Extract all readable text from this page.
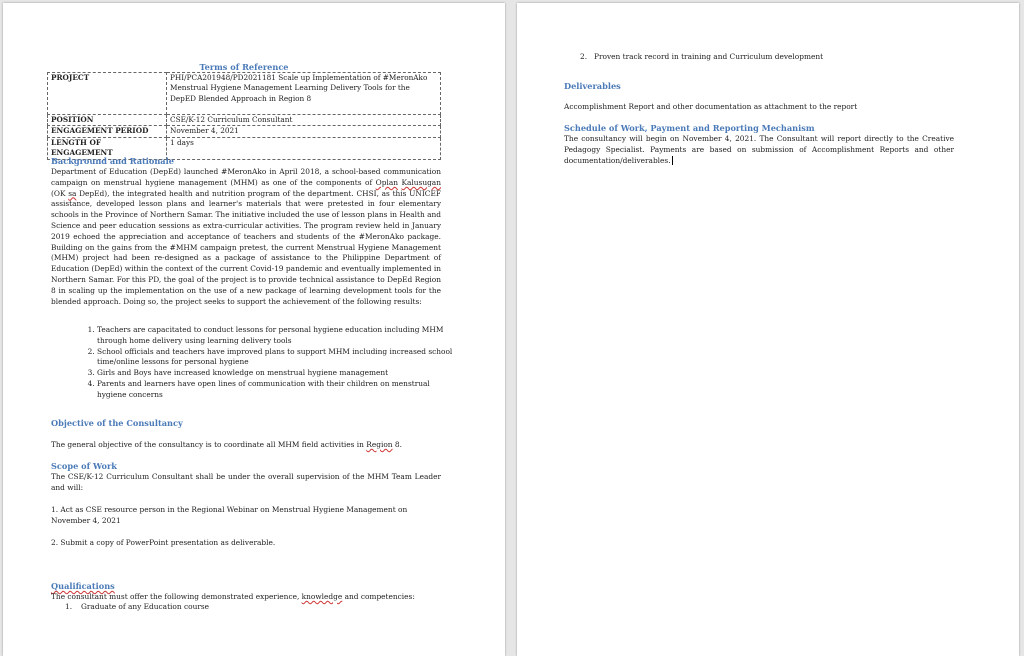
Terms of Reference
PROJECT	PHI/PCA201948/PD2021181 Scale up Implementation of #MeronAko Menstrual Hygiene Management Learning Delivery Tools for the DepED Blended Approach in Region 8
POSITION	CSE/K-12 Curriculum Consultant
ENGAGEMENT PERIOD	November 4, 2021
LENGTH OF ENGAGEMENT	1 days
Background and Rationale
Department of Education (DepEd) launched #MeronAko in April 2018, a school-based communication campaign on menstrual hygiene management (MHM) as one of the components of Oplan Kalusugan (OK sa DepEd), the integrated health and nutrition program of the department. CHSI, as this UNICEF assistance, developed lesson plans and learner's materials that were pretested in four elementary schools in the Province of Northern Samar. The initiative included the use of lesson plans in Health and Science and peer education sessions as extra-curricular activities. The program review held in January 2019 echoed the appreciation and acceptance of teachers and students of the #MeronAko package. Building on the gains from the #MHM campaign pretest, the current Menstrual Hygiene Management (MHM) project had been re-designed as a package of assistance to the Philippine Department of Education (DepEd) within the context of the current Covid-19 pandemic and eventually implemented in Northern Samar. For this PD, the goal of the project is to provide technical assistance to DepEd Region 8 in scaling up the implementation on the use of a new package of learning development tools for the blended approach. Doing so, the project seeks to support the achievement of the following results:
1. Teachers are capacitated to conduct lessons for personal hygiene education including MHM through home delivery using learning delivery tools
2. School officials and teachers have improved plans to support MHM including increased school time/online lessons for personal hygiene
3. Girls and Boys have increased knowledge on menstrual hygiene management
4. Parents and learners have open lines of communication with their children on menstrual hygiene concerns
Objective of the Consultancy
The general objective of the consultancy is to coordinate all MHM field activities in Region 8.
Scope of Work
The CSE/K-12 Curriculum Consultant shall be under the overall supervision of the MHM Team Leader and will:
1. Act as CSE resource person in the Regional Webinar on Menstrual Hygiene Management on November 4, 2021
2. Submit a copy of PowerPoint presentation as deliverable.
Qualifications
The consultant must offer the following demonstrated experience, knowledge and competencies:
1. Graduate of any Education course
2. Proven track record in training and Curriculum development
Deliverables
Accomplishment Report and other documentation as attachment to the report
Schedule of Work, Payment and Reporting Mechanism
The consultancy will begin on November 4, 2021. The Consultant will report directly to the Creative Pedagogy Specialist. Payments are based on submission of Accomplishment Reports and other documentation/deliverables.
